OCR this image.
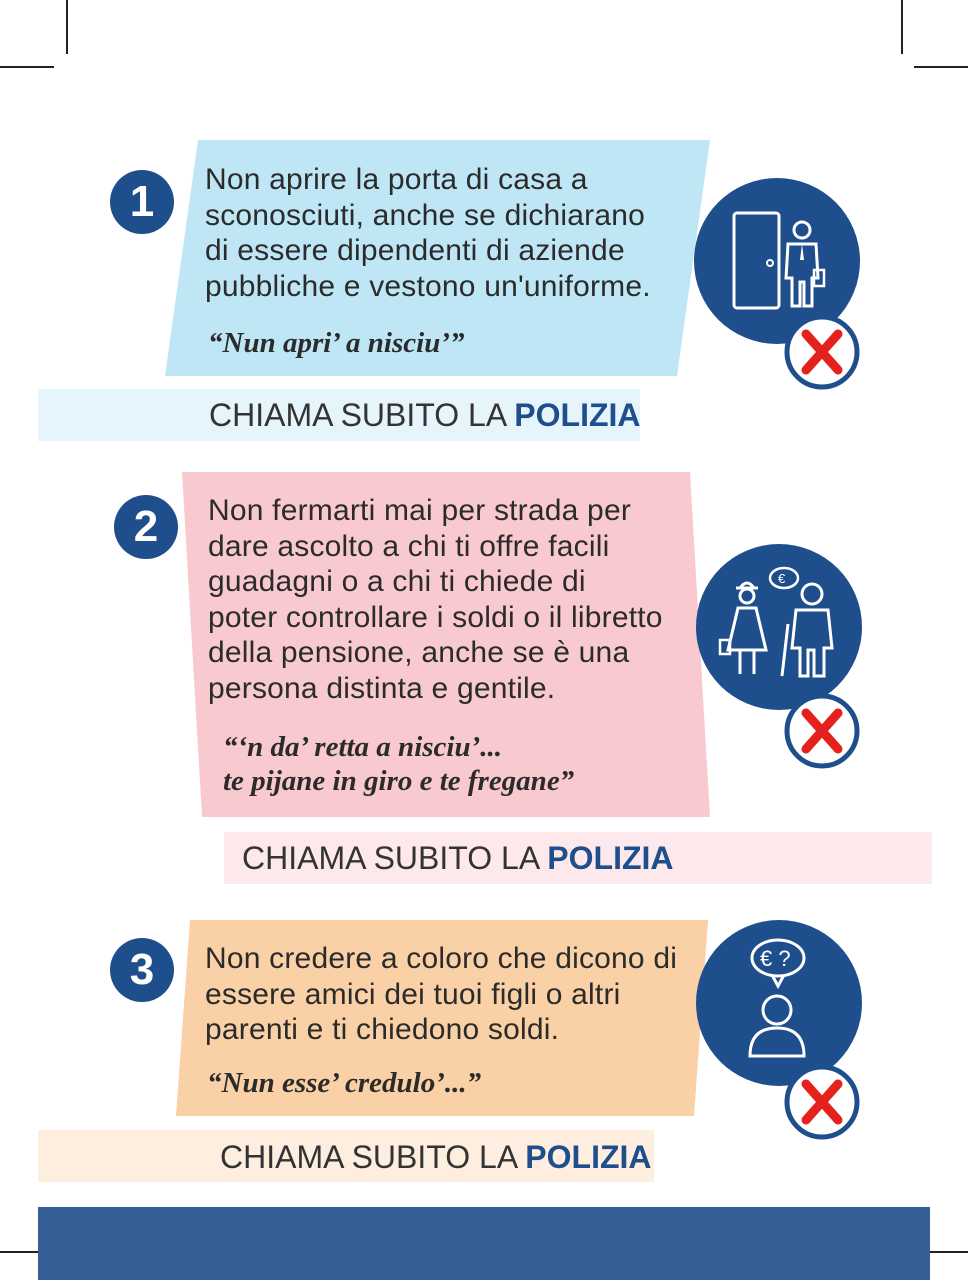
1	Non aprire la porta di casa a
sconosciuti, anche se dichiarano
di essere dipendenti di aziende
pubbliche e vestono un'uniforme.
“Nun apri’ a nisciu’”
CHIAMA SUBITO LA POLIZIA
2	Non fermarti mai per strada per
dare ascolto a chi ti offre facili
guadagni o a chi ti chiede di
poter controllare i soldi o il libretto
della pensione, anche se è una
persona distinta e gentile.
“‘n da’ retta a nisciu’...
te pijane in giro e te fregane”
€
CHIAMA SUBITO LA POLIZIA
3	Non credere a coloro che dicono di
essere amici dei tuoi figli o altri
parenti e ti chiedono soldi.
“Nun esse’ credulo’...”
€ ?
CHIAMA SUBITO LA POLIZIA
